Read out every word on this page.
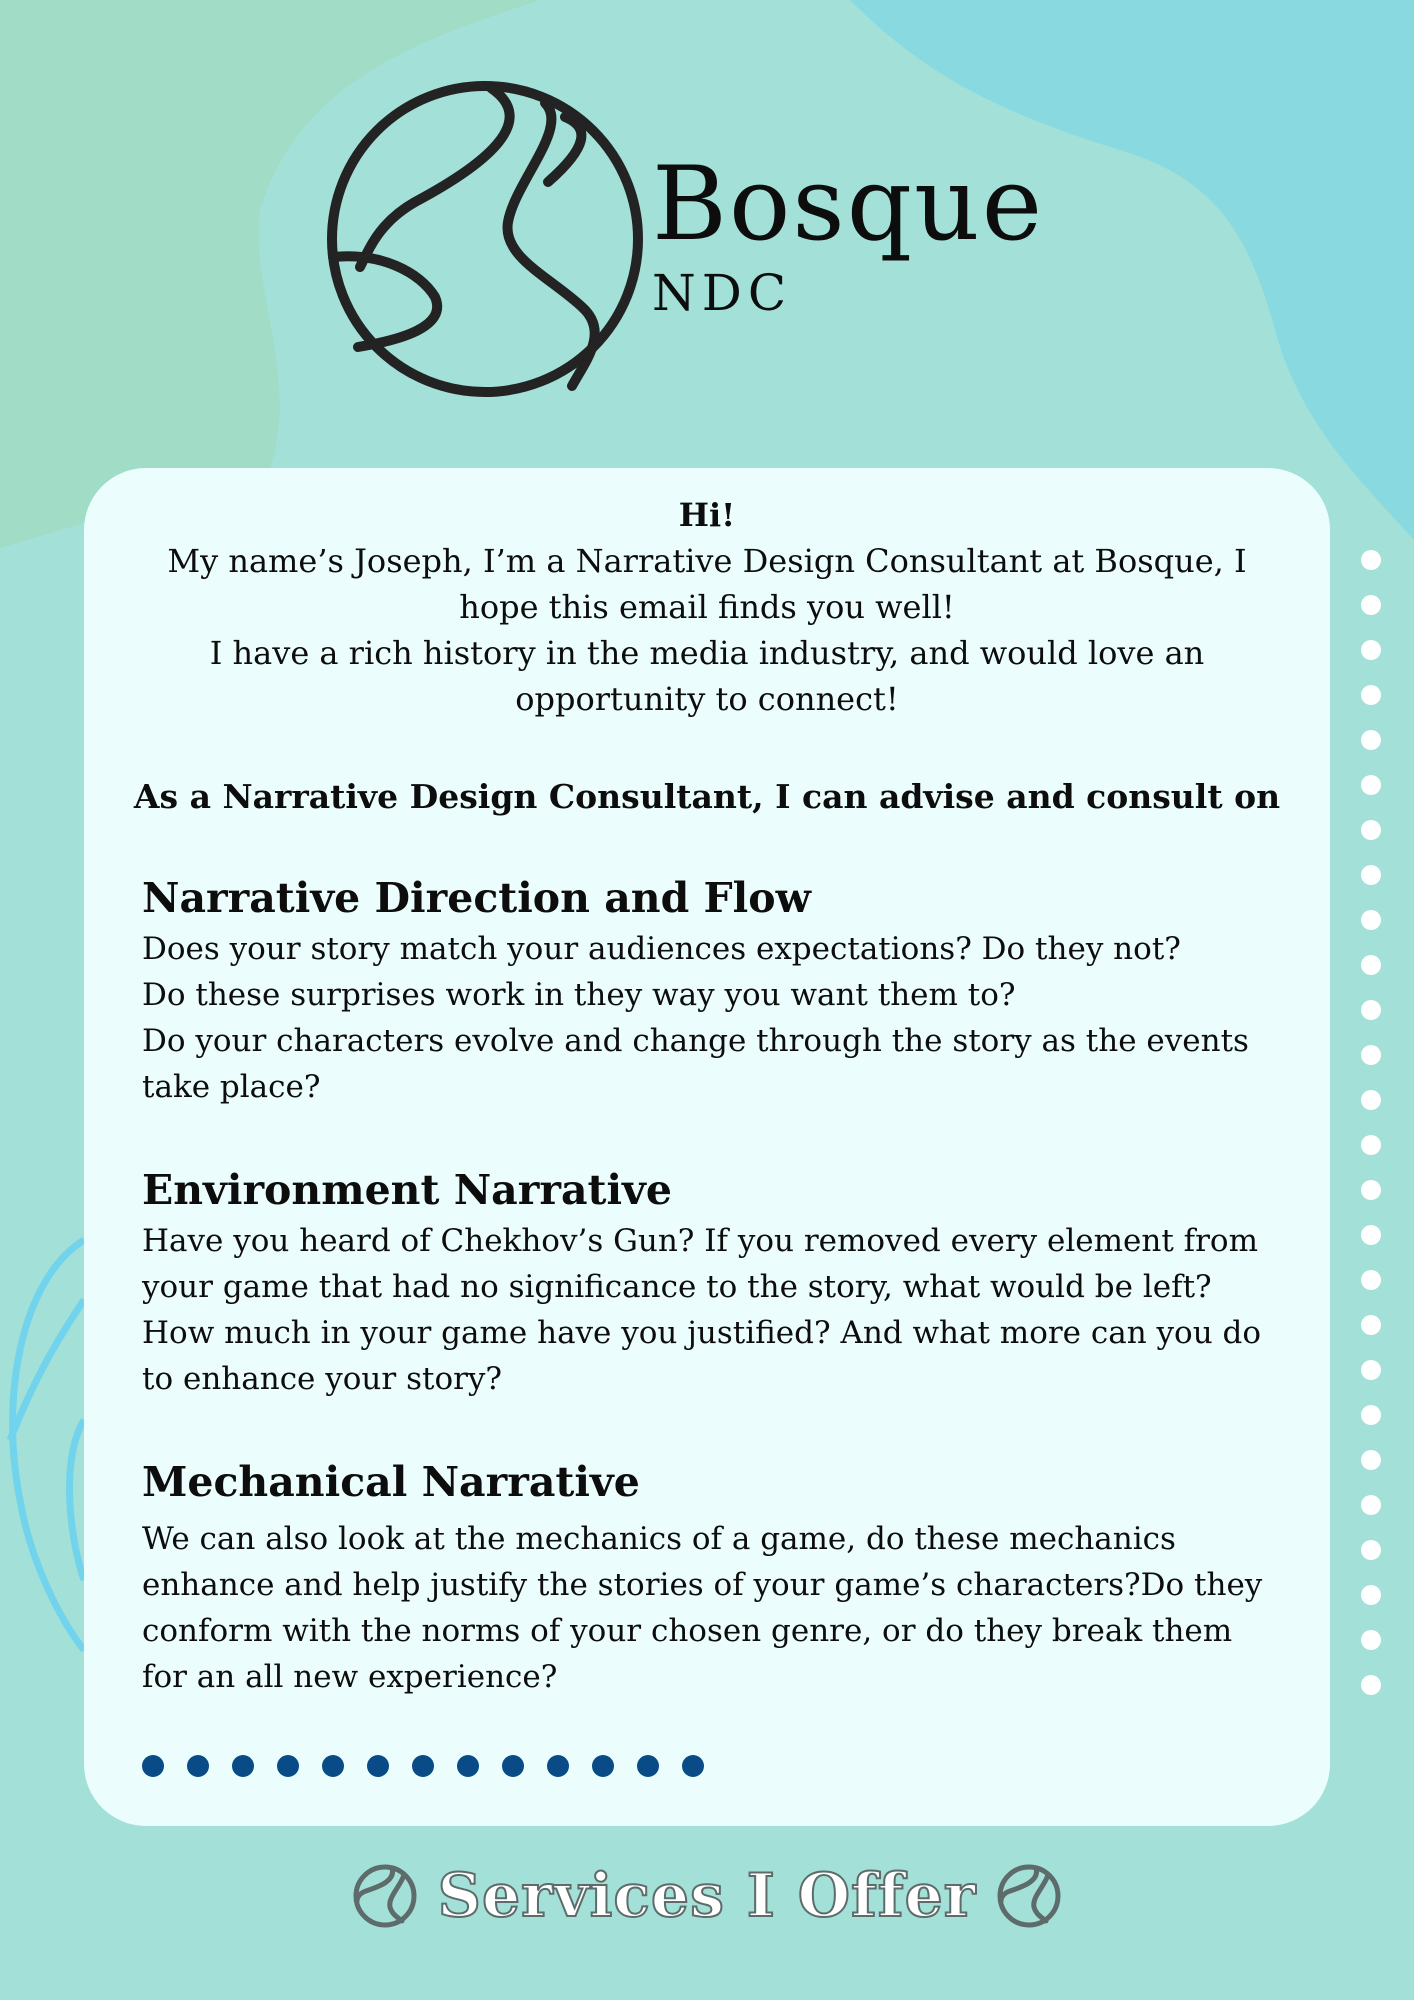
Bosque
NDC

Hi!

My name’s Joseph, I’m a Narrative Design Consultant at Bosque, I hope this email finds you well!

I have a rich history in the media industry, and would love an opportunity to connect!

As a Narrative Design Consultant, I can advise and consult on
Narrative Direction and Flow

Does your story match your audiences expectations? Do they not?

Do these surprises work in they way you want them to?

Do your characters evolve and change through the story as the events take place?

Environment Narrative

Have you heard of Chekhov’s Gun? If you removed every element from your game that had no significance to the story, what would be left? How much in your game have you justified? And what more can you do to enhance your story?

Mechanical Narrative

We can also look at the mechanics of a game, do these mechanics enhance and help justify the stories of your game’s characters?Do they conform with the norms of your chosen genre, or do they break them for an all new experience?

Services I Offer
